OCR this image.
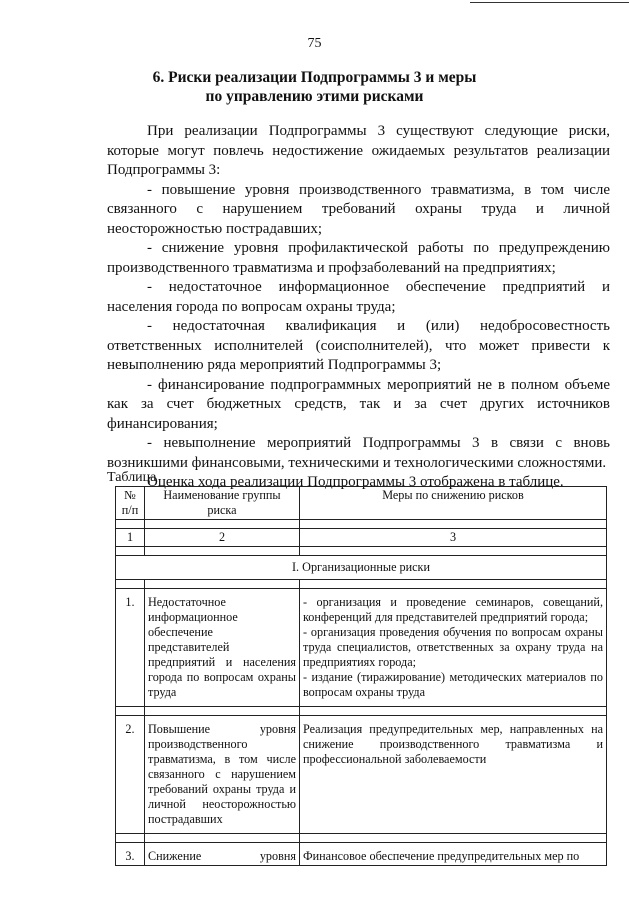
75
6. Риски реализации Подпрограммы 3 и меры
по управлению этими рисками

При реализации Подпрограммы 3 существуют следующие риски, которые могут повлечь недостижение ожидаемых результатов реализации Подпрограммы 3:

- повышение уровня производственного травматизма, в том числе связанного с нарушением требований охраны труда и личной неосторожностью пострадавших;

- снижение уровня профилактической работы по предупреждению производственного травматизма и профзаболеваний на предприятиях;

- недостаточное информационное обеспечение предприятий и населения города по вопросам охраны труда;

- недостаточная квалификация и (или) недобросовестность ответственных исполнителей (соисполнителей), что может привести к невыполнению ряда мероприятий Подпрограммы 3;

- финансирование подпрограммных мероприятий не в полном объеме как за счет бюджетных средств, так и за счет других источников финансирования;

- невыполнение мероприятий Подпрограммы 3 в связи с вновь возникшими финансовыми, техническими и технологическими сложностями.

Оценка хода реализации Подпрограммы 3 отображена в таблице.

Таблица
№ п/п	Наименование группы риска	Меры по снижению рисков

1	2	3

I. Организационные риски		

1.	Недостаточное информационное обеспечение представителей предприятий и населения города по вопросам охраны труда	- организация и проведение семинаров, совещаний, конференций для представителей предприятий города;
- организация проведения обучения по вопросам охраны труда специалистов, ответственных за охрану труда на предприятиях города;
- издание (тиражирование) методических материалов по вопросам охраны труда

2.	Повышение уровня производственного травматизма, в том числе связанного с нарушением требований охраны труда и личной неосторожностью пострадавших	Реализация предупредительных мер, направленных на снижение производственного травматизма и профессиональной заболеваемости

3.	Снижение уровня	Финансовое обеспечение предупредительных мер по
